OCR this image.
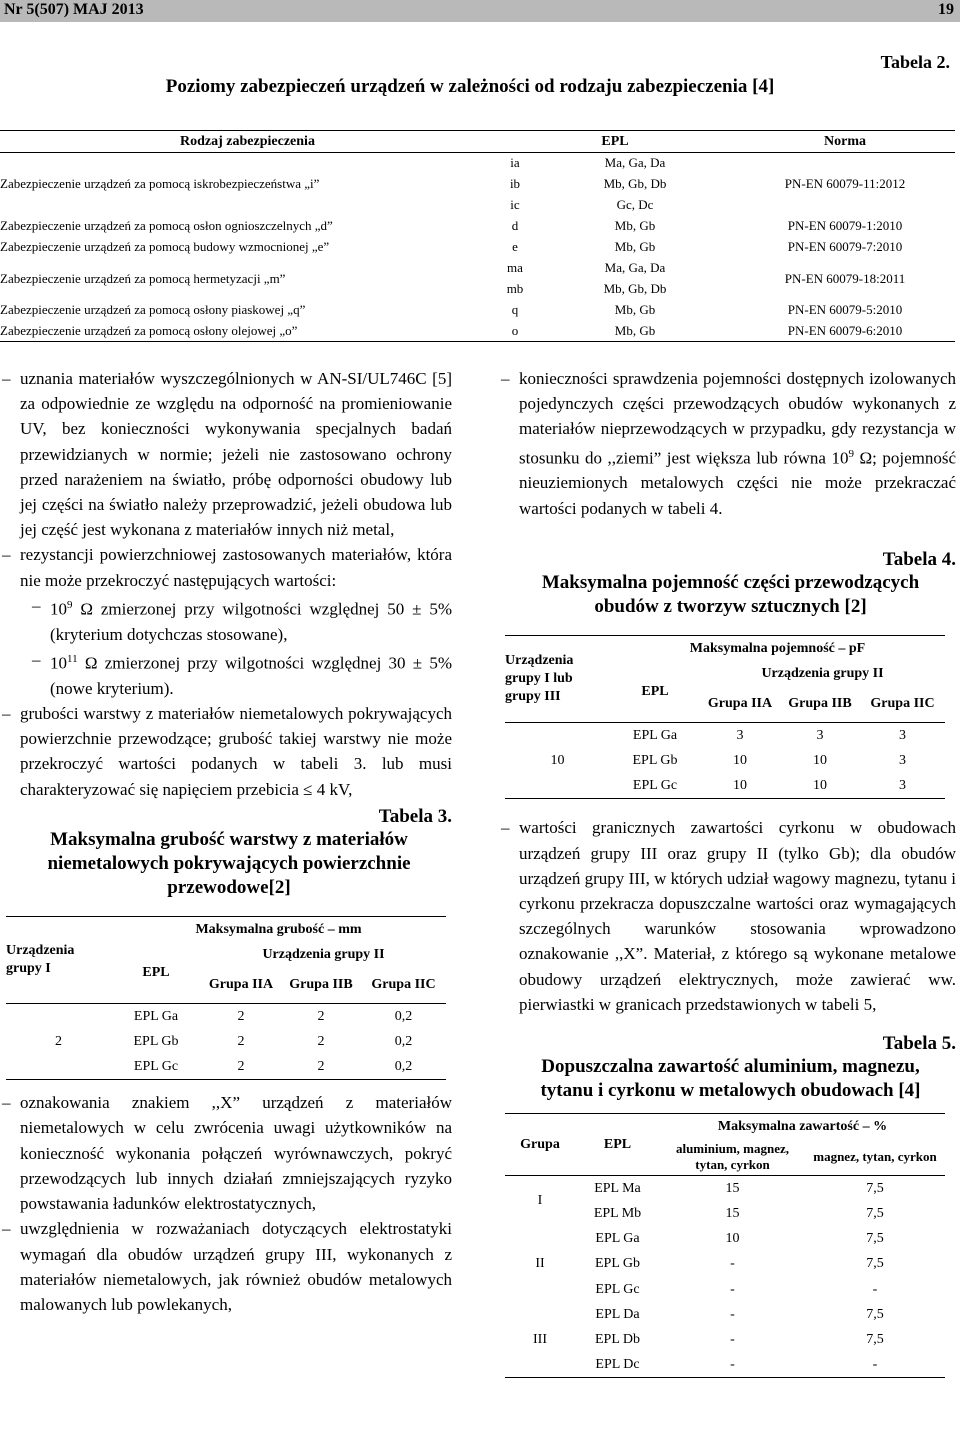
Nr 5(507) MAJ 2013	19
Tabela 2.
Poziomy zabezpieczeń urządzeń w zależności od rodzaju zabezpieczenia [4]
Rodzaj zabezpieczenia	EPL		Norma
Zabezpieczenie urządzeń za pomocą iskrobezpieczeństwa „i”	ia	Ma, Ga, Da	PN-EN 60079-11:2012
	ib	Mb, Gb, Db	
	ic	Gc, Dc	
Zabezpieczenie urządzeń za pomocą osłon ognioszczelnych „d”	d	Mb, Gb	PN-EN 60079-1:2010
Zabezpieczenie urządzeń za pomocą budowy wzmocnionej „e”	e	Mb, Gb	PN-EN 60079-7:2010
Zabezpieczenie urządzeń za pomocą hermetyzacji „m”	ma	Ma, Ga, Da	PN-EN 60079-18:2011
	mb	Mb, Gb, Db	
Zabezpieczenie urządzeń za pomocą osłony piaskowej „q”	q	Mb, Gb	PN-EN 60079-5:2010
Zabezpieczenie urządzeń za pomocą osłony olejowej „o”	o	Mb, Gb	PN-EN 60079-6:2010
– uznania materiałów wyszczególnionych w AN-SI/UL746C [5] za odpowiednie ze względu na odporność na promieniowanie UV, bez konieczności wykonywania specjalnych badań przewidzianych w normie; jeżeli nie zastosowano ochrony przed narażeniem na światło, próbę odporności obudowy lub jej części na światło należy przeprowadzić, jeżeli obudowa lub jej część jest wykonana z materiałów innych niż metal,
– rezystancji powierzchniowej zastosowanych materiałów, która nie może przekroczyć następujących wartości:
– $10^9$ Ω zmierzonej przy wilgotności względnej 50 ± 5% (kryterium dotychczas stosowane),
– $10^{11}$ Ω zmierzonej przy wilgotności względnej 30 ± 5% (nowe kryterium).
– grubości warstwy z materiałów niemetalowych pokrywających powierzchnie przewodzące; grubość takiej warstwy nie może przekroczyć wartości podanych w tabeli 3. lub musi charakteryzować się napięciem przebicia ≤ 4 kV,
Tabela 3.
Maksymalna grubość warstwy z materiałów niemetalowych pokrywających powierzchnie przewodowe[2]
Urządzenia grupy I	Maksymalna grubość – mm			
	EPL	Urządzenia grupy II		
		Grupa IIA	Grupa IIB	Grupa IIC
2	EPL Ga	2	2	0,2
	EPL Gb	2	2	0,2
	EPL Gc	2	2	0,2
– oznakowania znakiem ,,X” urządzeń z materiałów niemetalowych w celu zwrócenia uwagi użytkowników na konieczność wykonania połączeń wyrównawczych, pokryć przewodzących lub innych działań zmniejszających ryzyko powstawania ładunków elektrostatycznych,
– uwzględnienia w rozważaniach dotyczących elektrostatyki wymagań dla obudów urządzeń grupy III, wykonanych z materiałów niemetalowych, jak również obudów metalowych malowanych lub powlekanych,
– konieczności sprawdzenia pojemności dostępnych izolowanych pojedynczych części przewodzących obudów wykonanych z materiałów nieprzewodzących w przypadku, gdy rezystancja w stosunku do ,,ziemi” jest większa lub równa $10^9$ Ω; pojemność nieuziemionych metalowych części nie może przekraczać wartości podanych w tabeli 4.
Tabela 4.
Maksymalna pojemność części przewodzących obudów z tworzyw sztucznych [2]
Urządzenia grupy I lub grupy III	Maksymalna pojemność – pF			
	EPL	Urządzenia grupy II		
		Grupa IIA	Grupa IIB	Grupa IIC
10	EPL Ga	3	3	3
	EPL Gb	10	10	3
	EPL Gc	10	10	3
– wartości granicznych zawartości cyrkonu w obudowach urządzeń grupy III oraz grupy II (tylko Gb); dla obudów urządzeń grupy III, w których udział wagowy magnezu, tytanu i cyrkonu przekracza dopuszczalne wartości oraz wymagających szczególnych warunków stosowania wprowadzono oznakowanie ,,X”. Materiał, z którego są wykonane metalowe obudowy urządzeń elektrycznych, może zawierać ww. pierwiastki w granicach przedstawionych w tabeli 5,
Tabela 5.
Dopuszczalna zawartość aluminium, magnezu, tytanu i cyrkonu w metalowych obudowach [4]
Grupa	EPL	Maksymalna zawartość – %	
		aluminium, magnez, tytan, cyrkon	magnez, tytan, cyrkon
I	EPL Ma	15	7,5
	EPL Mb	15	7,5
II	EPL Ga	10	7,5
	EPL Gb	-	7,5
	EPL Gc	-	-
III	EPL Da	-	7,5
	EPL Db	-	7,5
	EPL Dc	-	-
